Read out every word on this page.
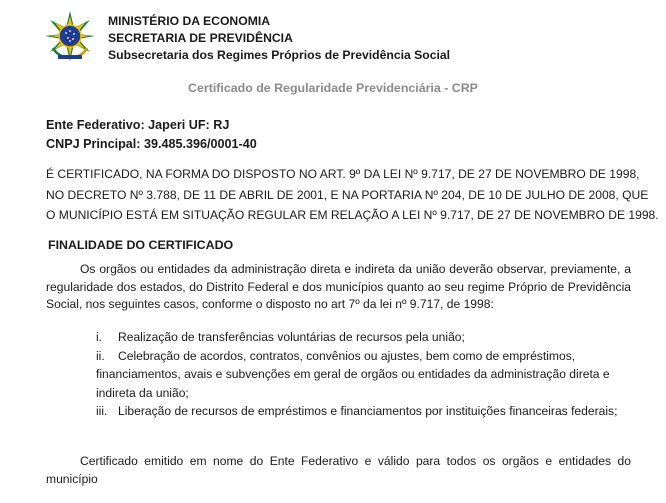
MINISTÉRIO DA ECONOMIA
SECRETARIA DE PREVIDÊNCIA
Subsecretaria dos Regimes Próprios de Previdência Social
Certificado de Regularidade Previdenciária - CRP
Ente Federativo: Japeri UF: RJ
CNPJ Principal: 39.485.396/0001-40
É CERTIFICADO, NA FORMA DO DISPOSTO NO ART. 9º DA LEI Nº 9.717, DE 27 DE NOVEMBRO DE 1998,
NO DECRETO Nº 3.788, DE 11 DE ABRIL DE 2001, E NA PORTARIA Nº 204, DE 10 DE JULHO DE 2008, QUE
O MUNICÍPIO ESTÁ EM SITUAÇÃO REGULAR EM RELAÇÃO A LEI Nº 9.717, DE 27 DE NOVEMBRO DE 1998.
FINALIDADE DO CERTIFICADO
Os orgãos ou entidades da administração direta e indireta da união deverão observar, previamente, a regularidade dos estados, do Distrito Federal e dos municípios quanto ao seu regime Próprio de Previdência Social, nos seguintes casos, conforme o disposto no art 7º da lei nº 9.717, de 1998:

i. Realização de transferências voluntárias de recursos pela união;

ii. Celebração de acordos, contratos, convênios ou ajustes, bem como de empréstimos, financiamentos, avais e subvenções em geral de orgãos ou entidades da administração direta e indireta da união;

iii. Liberação de recursos de empréstimos e financiamentos por instituições financeiras federais;

Certificado emitido em nome do Ente Federativo e válido para todos os orgãos e entidades do município
